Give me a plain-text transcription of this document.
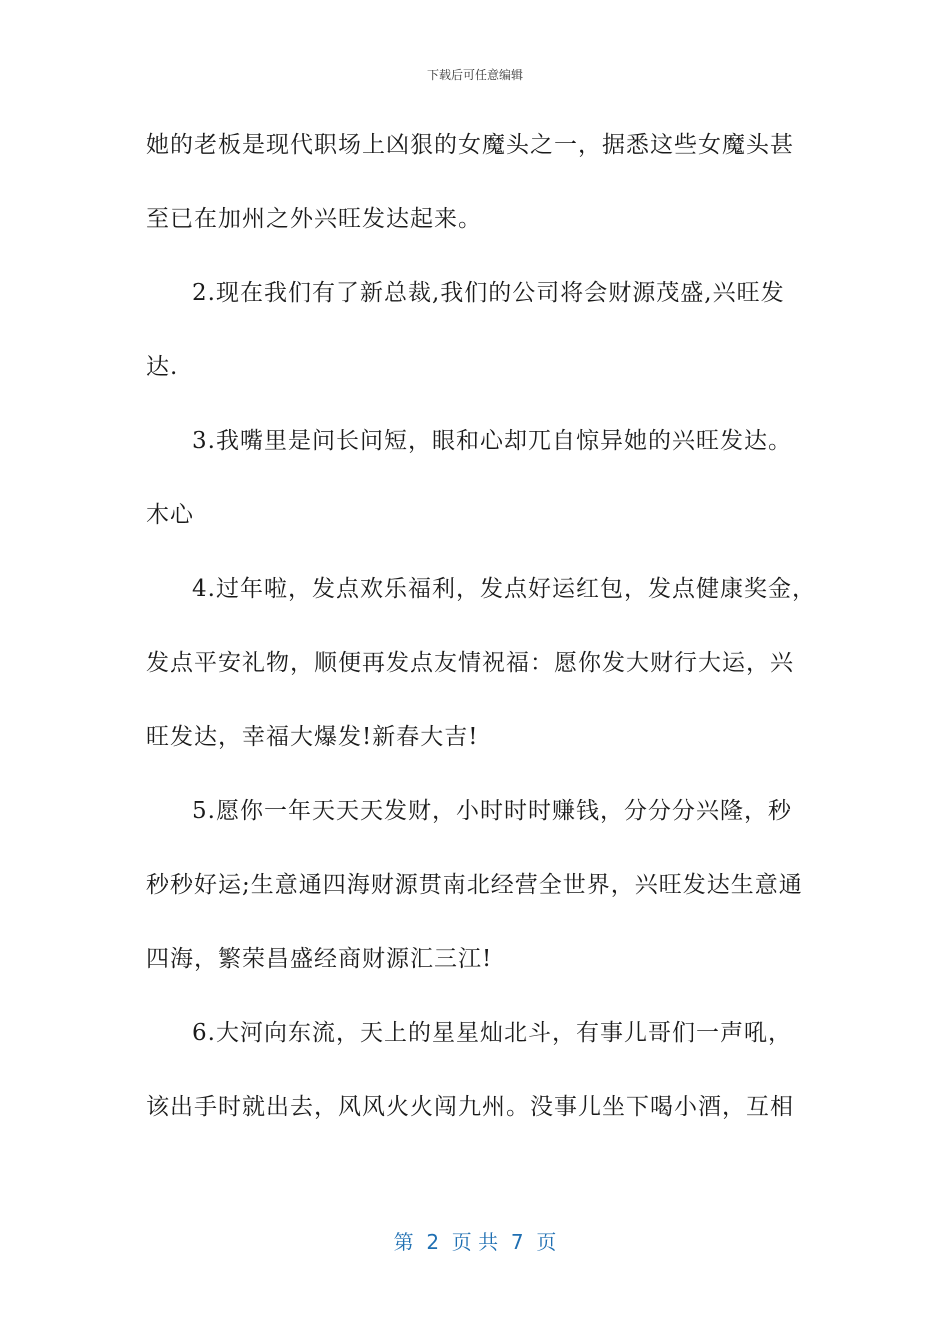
下载后可任意编辑
她的老板是现代职场上凶狠的女魔头之一，据悉这些女魔头甚
至已在加州之外兴旺发达起来。
2.现在我们有了新总裁,我们的公司将会财源茂盛,兴旺发
达.
3.我嘴里是问长问短，眼和心却兀自惊异她的兴旺发达。
木心
4.过年啦，发点欢乐福利，发点好运红包，发点健康奖金，
发点平安礼物，顺便再发点友情祝福：愿你发大财行大运，兴
旺发达，幸福大爆发!新春大吉!
5.愿你一年天天天发财，小时时时赚钱，分分分兴隆，秒
秒秒好运;生意通四海财源贯南北经营全世界，兴旺发达生意通
四海，繁荣昌盛经商财源汇三江!
6.大河向东流，天上的星星灿北斗，有事儿哥们一声吼，
该出手时就出去，风风火火闯九州。没事儿坐下喝小酒，互相
第  2  页 共  7  页
